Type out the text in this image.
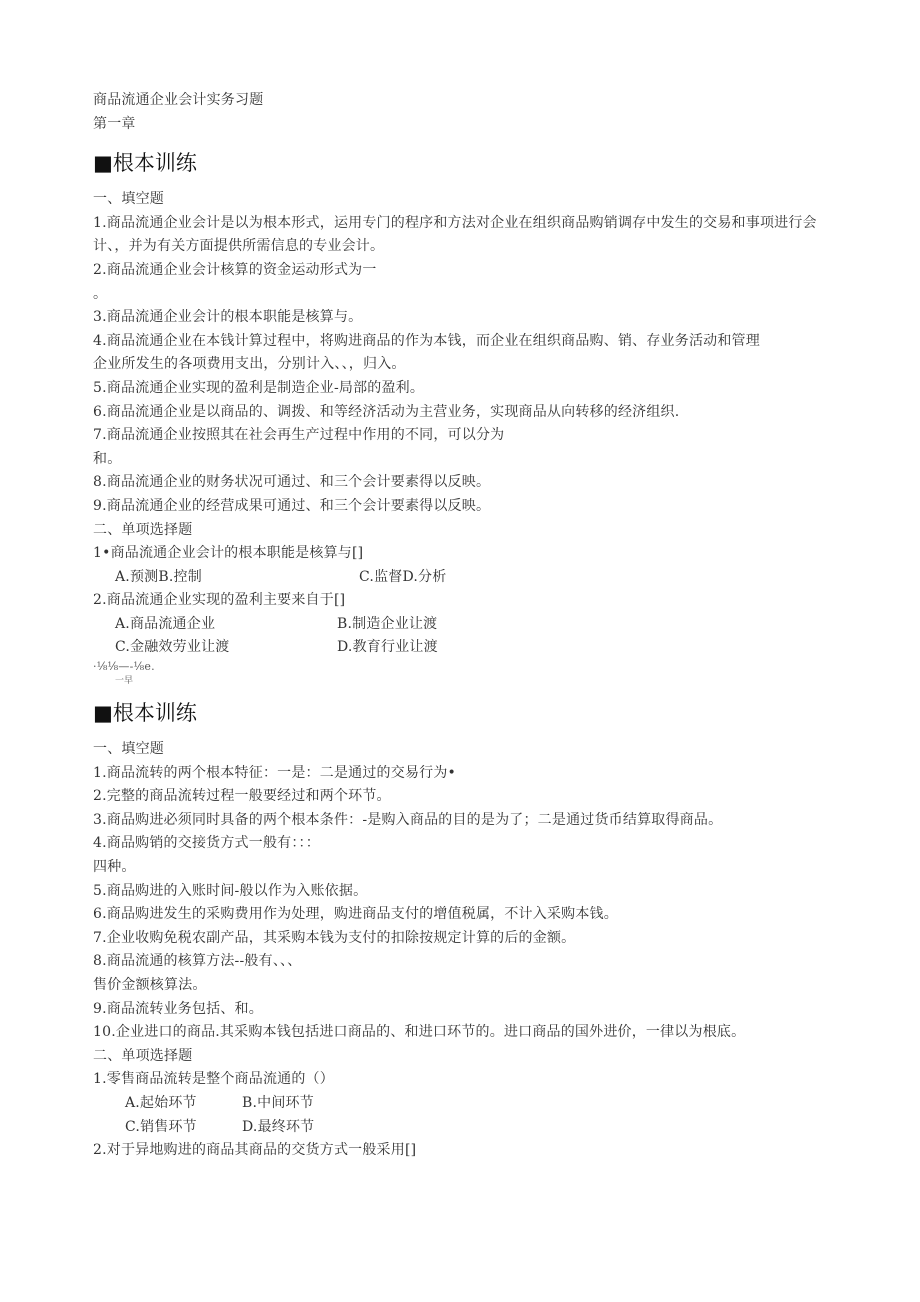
商品流通企业会计实务习题
第一章
■根本训练
一、填空题
1.商品流通企业会计是以为根本形式，运用专门的程序和方法对企业在组织商品购销调存中发生的交易和事项进行会计、，并为有关方面提供所需信息的专业会计。
2.商品流通企业会计核算的资金运动形式为一
。
3.商品流通企业会计的根本职能是核算与。
4.商品流通企业在本钱计算过程中，将购进商品的作为本钱，而企业在组织商品购、销、存业务活动和管理
企业所发生的各项费用支出，分别计入、、，归入。
5.商品流通企业实现的盈利是制造企业-局部的盈利。
6.商品流通企业是以商品的、调拨、和等经济活动为主营业务，实现商品从向转移的经济组织.
7.商品流通企业按照其在社会再生产过程中作用的不同，可以分为
和。
8.商品流通企业的财务状况可通过、和三个会计要素得以反映。
9.商品流通企业的经营成果可通过、和三个会计要素得以反映。
二、单项选择题
1•商品流通企业会计的根本职能是核算与[]
A.预测B.控制	C.监督D.分析
2.商品流通企业实现的盈利主要来自于[]
A.商品流通企业	B.制造企业让渡
C.金融效劳业让渡	D.教育行业让渡
·⅛⅛—-⅛e.
一早
■根本训练
一、填空题
1.商品流转的两个根本特征：一是：二是通过的交易行为•
2.完整的商品流转过程一般要经过和两个环节。
3.商品购进必须同时具备的两个根本条件：-是购入商品的目的是为了；二是通过货币结算取得商品。
4.商品购销的交接货方式一般有：：：
四种。
5.商品购进的入账时间-般以作为入账依据。
6.商品购进发生的采购费用作为处理，购进商品支付的增值税属，不计入采购本钱。
7.企业收购免税农副产品，其采购本钱为支付的扣除按规定计算的后的金额。
8.商品流通的核算方法--般有、、、
售价金额核算法。
9.商品流转业务包括、和。
10.企业进口的商品.其采购本钱包括进口商品的、和进口环节的。进口商品的国外进价，一律以为根底。
二、单项选择题
1.零售商品流转是整个商品流通的（）
A.起始环节	B.中间环节
C.销售环节	D.最终环节
2.对于异地购进的商品其商品的交货方式一般采用[]
